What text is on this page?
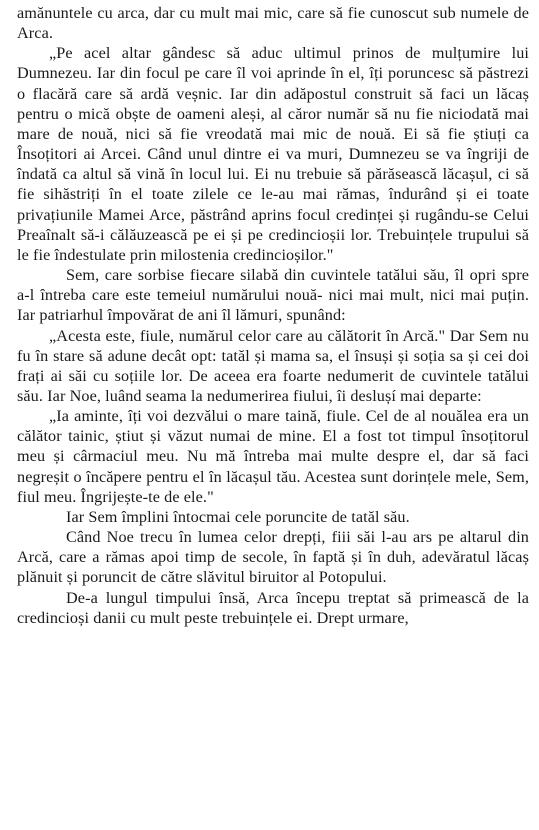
amănuntele cu arca, dar cu mult mai mic, care să fie cunoscut sub numele de Arca.

„Pe acel altar gândesc să aduc ultimul prinos de mulțumire lui Dumnezeu. Iar din focul pe care îl voi aprinde în el, îți poruncesc să păstrezi o flacără care să ardă veșnic. Iar din adăpostul construit să faci un lăcaș pentru o mică obște de oameni aleși, al căror număr să nu fie niciodată mai mare de nouă, nici să fie vreodată mai mic de nouă. Ei să fie știuți ca Însoțitori ai Arcei. Când unul dintre ei va muri, Dumnezeu se va îngriji de îndată ca altul să vină în locul lui. Ei nu trebuie să părăsească lăcașul, ci să fie sihăstriți în el toate zilele ce le-au mai rămas, îndurând și ei toate privațiunile Mamei Arce, păstrând aprins focul credinței și rugându-se Celui Preaînalt să-i călăuzească pe ei și pe credincioșii lor. Trebuințele trupului să le fie îndestulate prin milostenia credincioșilor."

Sem, care sorbise fiecare silabă din cuvintele tatălui său, îl opri spre a-l întreba care este temeiul numărului nouă- nici mai mult, nici mai puțin. Iar patriarhul împovărat de ani îl lămuri, spunând:

„Acesta este, fiule, numărul celor care au călătorit în Arcă." Dar Sem nu fu în stare să adune decât opt: tatăl și mama sa, el însuși și soția sa și cei doi frați ai săi cu soțiile lor. De aceea era foarte nedumerit de cuvintele tatălui său. Iar Noe, luând seama la nedumerirea fiului, îi deslușí mai departe:

„Ia aminte, îți voi dezvălui o mare taină, fiule. Cel de al nouălea era un călător tainic, știut și văzut numai de mine. El a fost tot timpul însoțitorul meu și cârmaciul meu. Nu mă întreba mai multe despre el, dar să faci negreșit o încăpere pentru el în lăcașul tău. Acestea sunt dorințele mele, Sem, fiul meu. Îngrijește-te de ele."

Iar Sem împlini întocmai cele poruncite de tatăl său.

Când Noe trecu în lumea celor drepți, fiii săi l-au ars pe altarul din Arcă, care a rămas apoi timp de secole, în faptă și în duh, adevăratul lăcaș plănuit și poruncit de către slăvitul biruitor al Potopului.

De-a lungul timpului însă, Arca începu treptat să primească de la credincioși danii cu mult peste trebuințele ei. Drept urmare,
